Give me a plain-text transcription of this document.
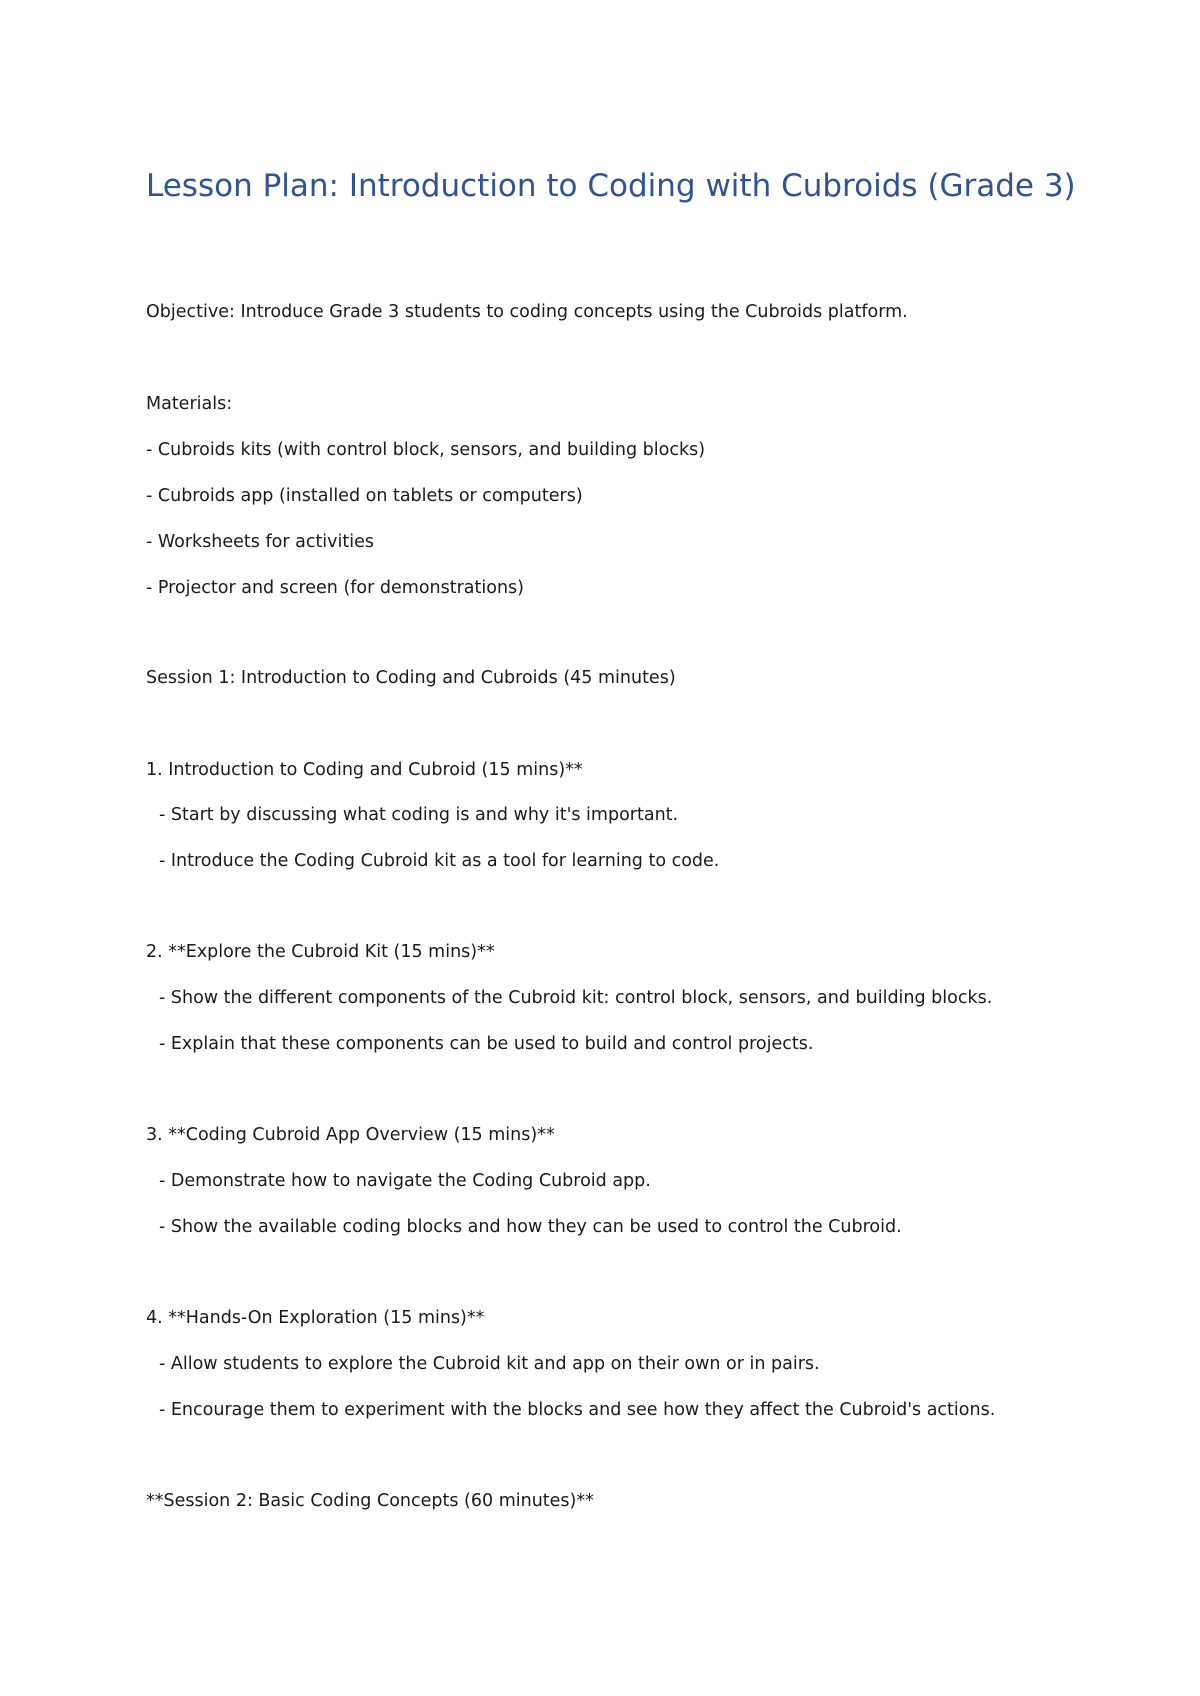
Lesson Plan: Introduction to Coding with Cubroids (Grade 3)

Objective: Introduce Grade 3 students to coding concepts using the Cubroids platform.

Materials:

- Cubroids kits (with control block, sensors, and building blocks)

- Cubroids app (installed on tablets or computers)

- Worksheets for activities

- Projector and screen (for demonstrations)

Session 1: Introduction to Coding and Cubroids (45 minutes)

1. Introduction to Coding and Cubroid (15 mins)**

- Start by discussing what coding is and why it's important.

- Introduce the Coding Cubroid kit as a tool for learning to code.

2. **Explore the Cubroid Kit (15 mins)**

- Show the different components of the Cubroid kit: control block, sensors, and building blocks.

- Explain that these components can be used to build and control projects.

3. **Coding Cubroid App Overview (15 mins)**

- Demonstrate how to navigate the Coding Cubroid app.

- Show the available coding blocks and how they can be used to control the Cubroid.

4. **Hands-On Exploration (15 mins)**

- Allow students to explore the Cubroid kit and app on their own or in pairs.

- Encourage them to experiment with the blocks and see how they affect the Cubroid's actions.

**Session 2: Basic Coding Concepts (60 minutes)**
